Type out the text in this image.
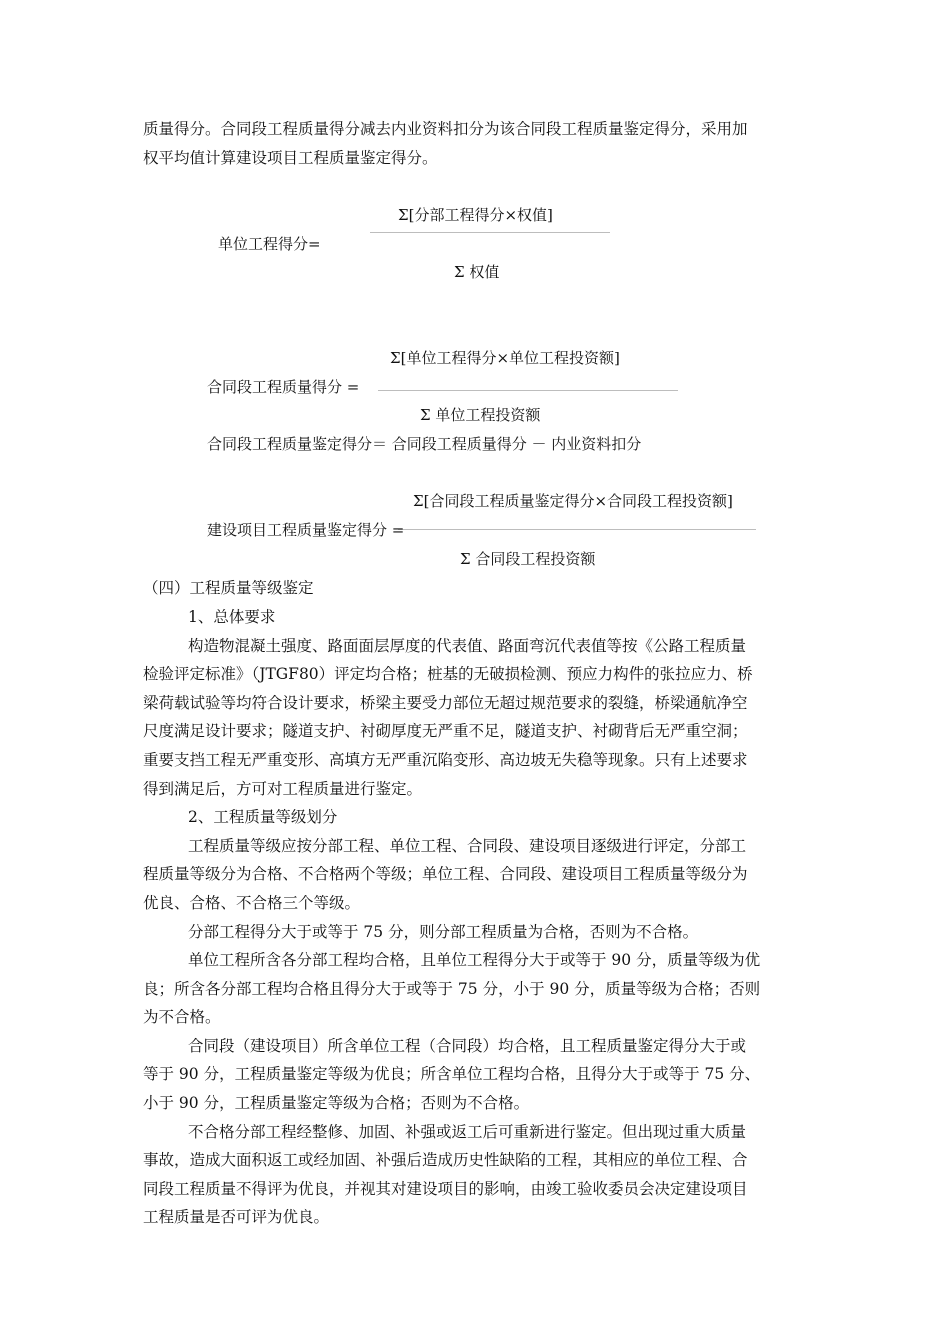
质量得分。合同段工程质量得分减去内业资料扣分为该合同段工程质量鉴定得分，采用加
权平均值计算建设项目工程质量鉴定得分。
Σ[分部工程得分×权值]
单位工程得分=
Σ 权值
Σ[单位工程得分×单位工程投资额]
合同段工程质量得分 =
Σ 单位工程投资额
合同段工程质量鉴定得分＝ 合同段工程质量得分 － 内业资料扣分
Σ[合同段工程质量鉴定得分×合同段工程投资额]
建设项目工程质量鉴定得分 =
Σ 合同段工程投资额
（四）工程质量等级鉴定
1、总体要求
构造物混凝土强度、路面面层厚度的代表值、路面弯沉代表值等按《公路工程质量
检验评定标准》（JTGF80）评定均合格；桩基的无破损检测、预应力构件的张拉应力、桥
梁荷载试验等均符合设计要求，桥梁主要受力部位无超过规范要求的裂缝，桥梁通航净空
尺度满足设计要求；隧道支护、衬砌厚度无严重不足，隧道支护、衬砌背后无严重空洞；
重要支挡工程无严重变形、高填方无严重沉陷变形、高边坡无失稳等现象。只有上述要求
得到满足后，方可对工程质量进行鉴定。
2、工程质量等级划分
工程质量等级应按分部工程、单位工程、合同段、建设项目逐级进行评定，分部工
程质量等级分为合格、不合格两个等级；单位工程、合同段、建设项目工程质量等级分为
优良、合格、不合格三个等级。
分部工程得分大于或等于 75 分，则分部工程质量为合格，否则为不合格。
单位工程所含各分部工程均合格，且单位工程得分大于或等于 90 分，质量等级为优
良；所含各分部工程均合格且得分大于或等于 75 分，小于 90 分，质量等级为合格；否则
为不合格。
合同段（建设项目）所含单位工程（合同段）均合格，且工程质量鉴定得分大于或
等于 90 分，工程质量鉴定等级为优良；所含单位工程均合格，且得分大于或等于 75 分、
小于 90 分，工程质量鉴定等级为合格；否则为不合格。
不合格分部工程经整修、加固、补强或返工后可重新进行鉴定。但出现过重大质量
事故，造成大面积返工或经加固、补强后造成历史性缺陷的工程，其相应的单位工程、合
同段工程质量不得评为优良，并视其对建设项目的影响，由竣工验收委员会决定建设项目
工程质量是否可评为优良。
